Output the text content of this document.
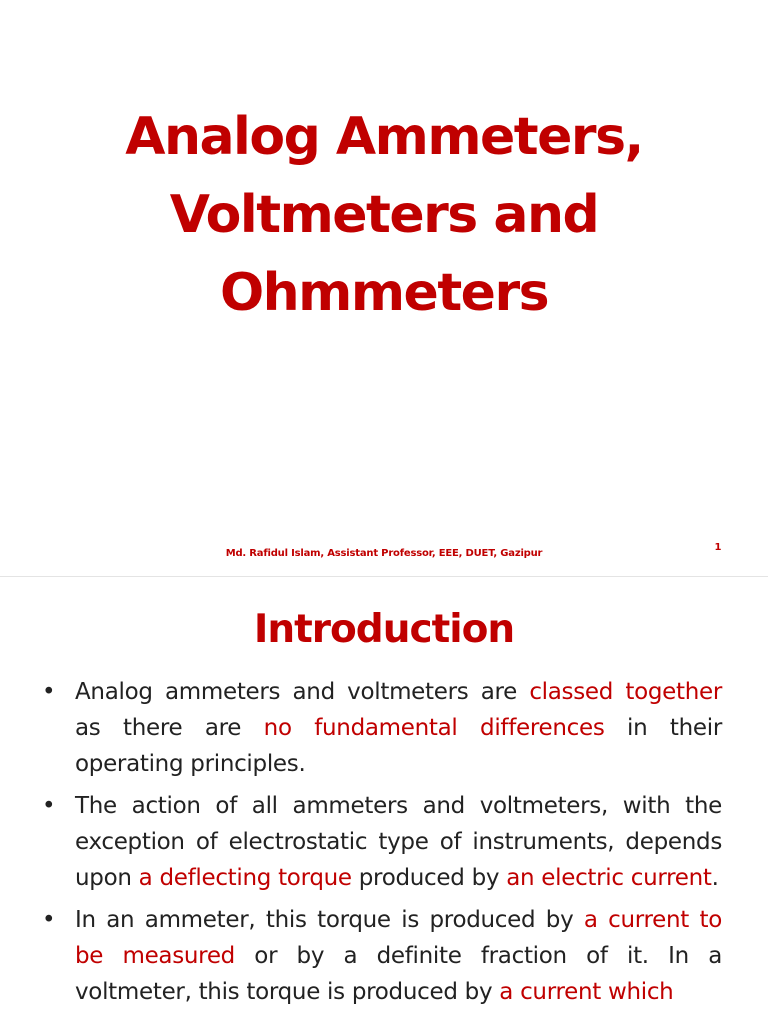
Analog Ammeters,
Voltmeters and
Ohmmeters
Md. Rafidul Islam, Assistant Professor, EEE, DUET, Gazipur
1
Introduction
• Analog ammeters and voltmeters are classed together as there are no fundamental differences in their operating principles.
• The action of all ammeters and voltmeters, with the exception of electrostatic type of instruments, depends upon a deflecting torque produced by an electric current.
• In an ammeter, this torque is produced by a current to be measured or by a definite fraction of it. In a voltmeter, this torque is produced by a current which
